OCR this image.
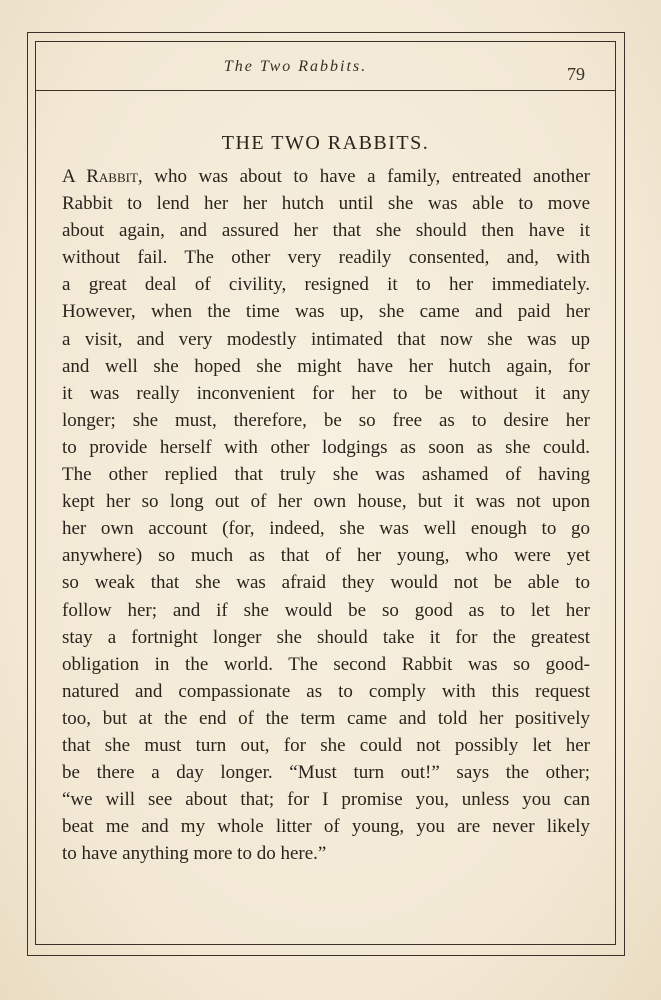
The Two Rabbits.	79
THE TWO RABBITS.
A Rabbit, who was about to have a family, entreated another
Rabbit to lend her her hutch until she was able to move
about again, and assured her that she should then have it
without fail. The other very readily consented, and, with
a great deal of civility, resigned it to her immediately.
However, when the time was up, she came and paid her
a visit, and very modestly intimated that now she was up
and well she hoped she might have her hutch again, for
it was really inconvenient for her to be without it any
longer; she must, therefore, be so free as to desire her
to provide herself with other lodgings as soon as she could.
The other replied that truly she was ashamed of having
kept her so long out of her own house, but it was not upon
her own account (for, indeed, she was well enough to go
anywhere) so much as that of her young, who were yet
so weak that she was afraid they would not be able to
follow her; and if she would be so good as to let her
stay a fortnight longer she should take it for the greatest
obligation in the world. The second Rabbit was so good-
natured and compassionate as to comply with this request
too, but at the end of the term came and told her positively
that she must turn out, for she could not possibly let her
be there a day longer. “Must turn out!” says the other;
“we will see about that; for I promise you, unless you can
beat me and my whole litter of young, you are never likely
to have anything more to do here.”
